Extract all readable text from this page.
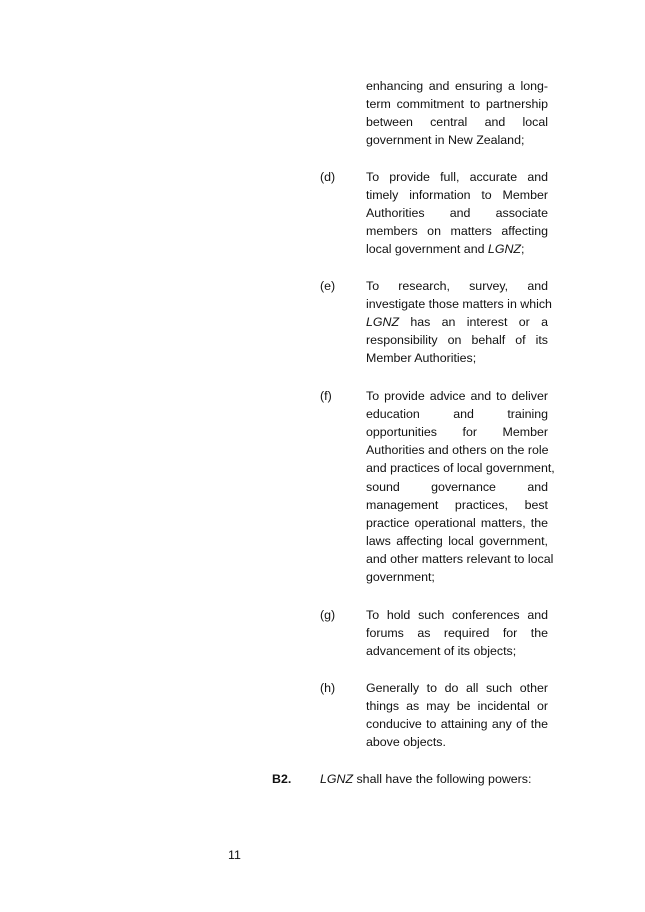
enhancing and ensuring a long-
term commitment to partnership
between central and local
government in New Zealand;
(d) To provide full, accurate and
timely information to Member
Authorities and associate
members on matters affecting
local government and LGNZ;
(e) To research, survey, and
investigate those matters in which
LGNZ has an interest or a
responsibility on behalf of its
Member Authorities;
(f)	To provide advice and to deliver
education and training
opportunities for Member
Authorities and others on the role
and practices of local government,
sound governance and
management practices, best
practice operational matters, the
laws affecting local government,
and other matters relevant to local
government;
(g) To hold such conferences and
forums as required for the
advancement of its objects;
(h) Generally to do all such other
things as may be incidental or
conducive to attaining any of the
above objects.
B2. LGNZ shall have the following powers:
11
